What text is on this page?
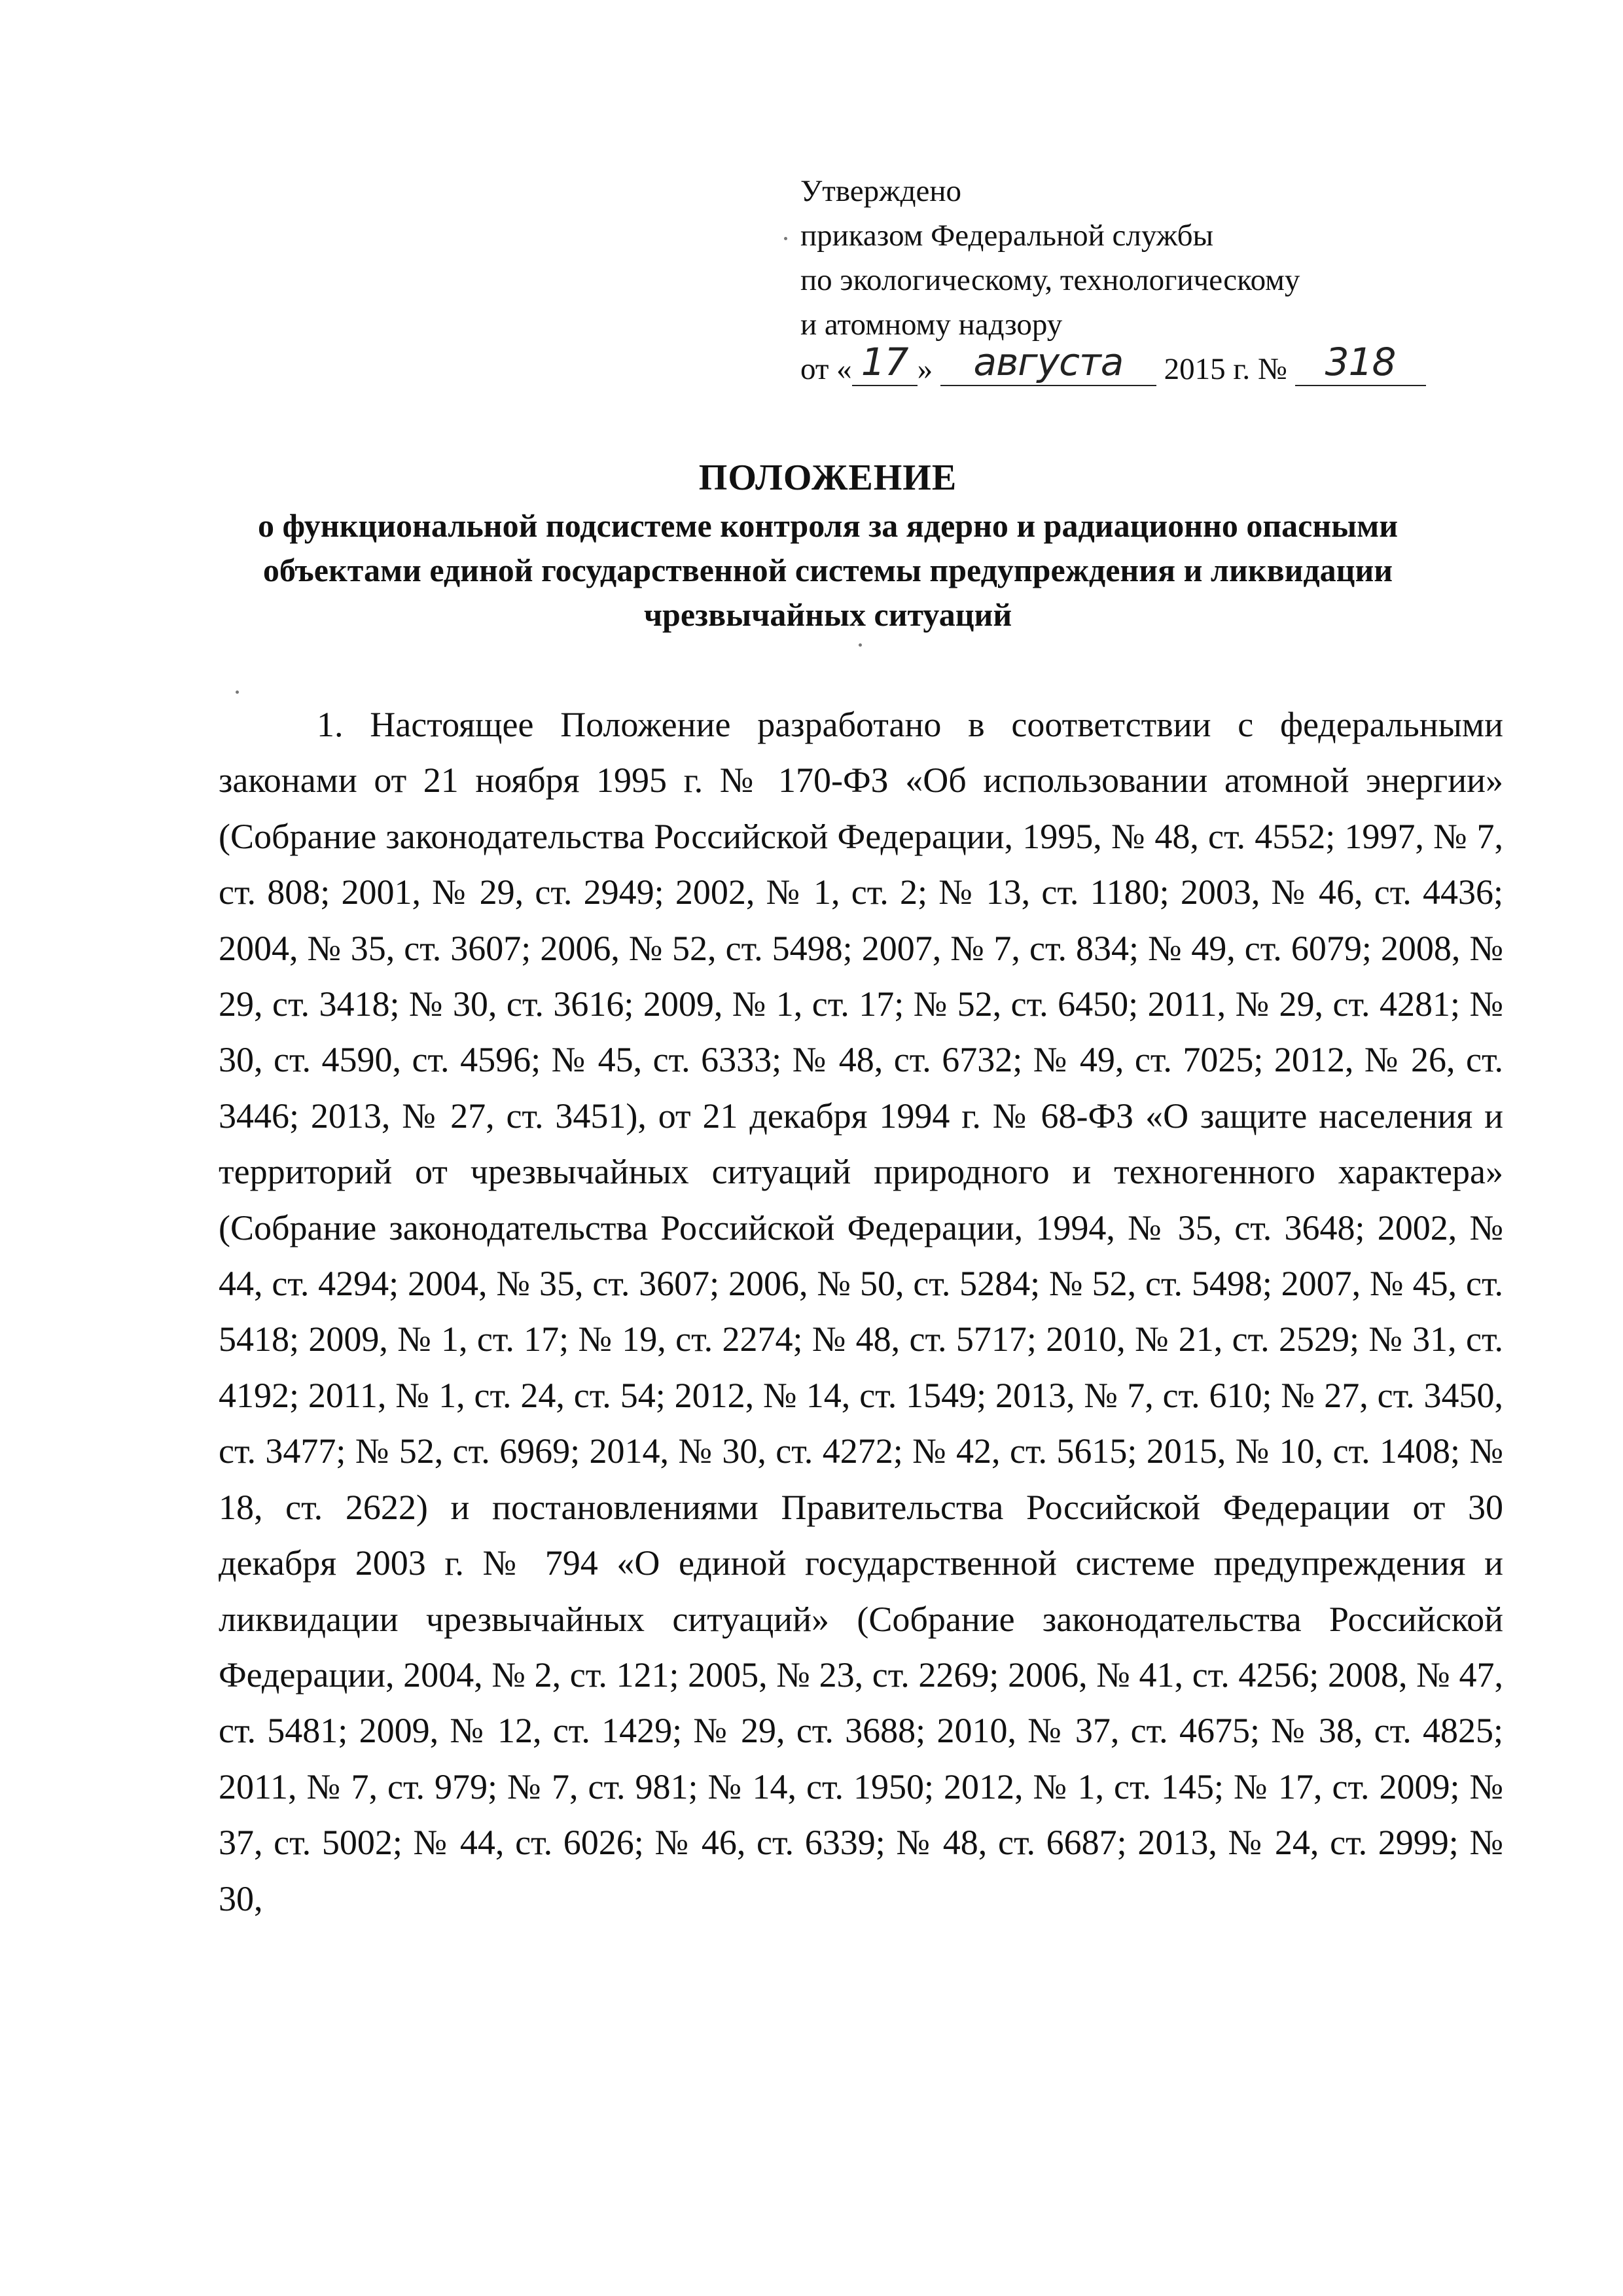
Утверждено
приказом Федеральной службы
по экологическому, технологическому
и атомному надзору
от « 17 » августа 2015 г. № 318
ПОЛОЖЕНИЕ
о функциональной подсистеме контроля за ядерно и радиационно опасными объектами единой государственной системы предупреждения и ликвидации чрезвычайных ситуаций

1. Настоящее Положение разработано в соответствии с федеральными законами от 21 ноября 1995 г. № 170-ФЗ «Об использовании атомной энергии» (Собрание законодательства Российской Федерации, 1995, № 48, ст. 4552; 1997, № 7, ст. 808; 2001, № 29, ст. 2949; 2002, № 1, ст. 2; № 13, ст. 1180; 2003, № 46, ст. 4436; 2004, № 35, ст. 3607; 2006, № 52, ст. 5498; 2007, № 7, ст. 834; № 49, ст. 6079; 2008, № 29, ст. 3418; № 30, ст. 3616; 2009, № 1, ст. 17; № 52, ст. 6450; 2011, № 29, ст. 4281; № 30, ст. 4590, ст. 4596; № 45, ст. 6333; № 48, ст. 6732; № 49, ст. 7025; 2012, № 26, ст. 3446; 2013, № 27, ст. 3451), от 21 декабря 1994 г. № 68-ФЗ «О защите населения и территорий от чрезвычайных ситуаций природного и техногенного характера» (Собрание законодательства Российской Федерации, 1994, № 35, ст. 3648; 2002, № 44, ст. 4294; 2004, № 35, ст. 3607; 2006, № 50, ст. 5284; № 52, ст. 5498; 2007, № 45, ст. 5418; 2009, № 1, ст. 17; № 19, ст. 2274; № 48, ст. 5717; 2010, № 21, ст. 2529; № 31, ст. 4192; 2011, № 1, ст. 24, ст. 54; 2012, № 14, ст. 1549; 2013, № 7, ст. 610; № 27, ст. 3450, ст. 3477; № 52, ст. 6969; 2014, № 30, ст. 4272; № 42, ст. 5615; 2015, № 10, ст. 1408; № 18, ст. 2622) и постановлениями Правительства Российской Федерации от 30 декабря 2003 г. № 794 «О единой государственной системе предупреждения и ликвидации чрезвычайных ситуаций» (Собрание законодательства Российской Федерации, 2004, № 2, ст. 121; 2005, № 23, ст. 2269; 2006, № 41, ст. 4256; 2008, № 47, ст. 5481; 2009, № 12, ст. 1429; № 29, ст. 3688; 2010, № 37, ст. 4675; № 38, ст. 4825; 2011, № 7, ст. 979; № 7, ст. 981; № 14, ст. 1950; 2012, № 1, ст. 145; № 17, ст. 2009; № 37, ст. 5002; № 44, ст. 6026; № 46, ст. 6339; № 48, ст. 6687; 2013, № 24, ст. 2999; № 30,
